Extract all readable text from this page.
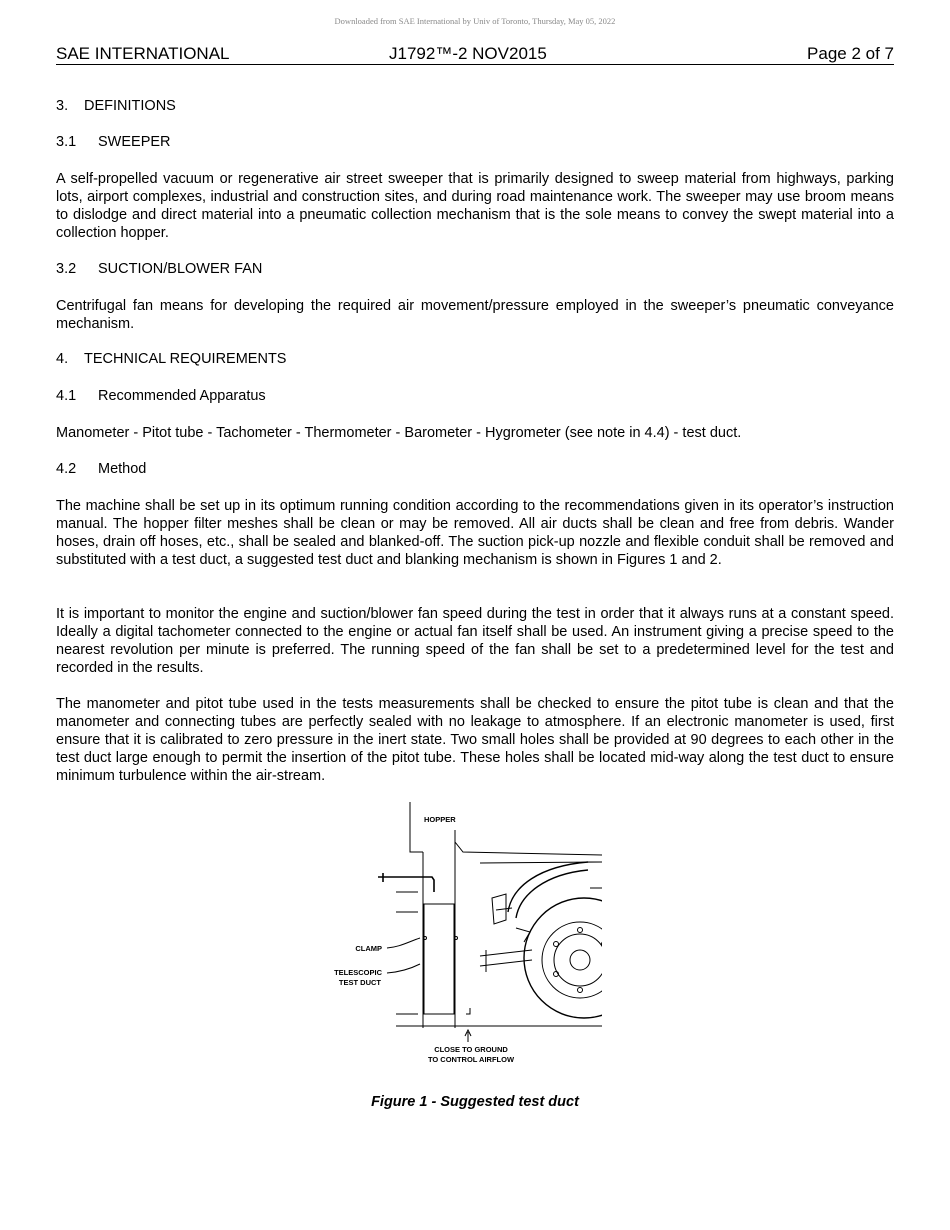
Downloaded from SAE International by Univ of Toronto, Thursday, May 05, 2022
SAE INTERNATIONAL	J1792™-2 NOV2015	Page 2 of 7
3. DEFINITIONS
3.1 SWEEPER

A self-propelled vacuum or regenerative air street sweeper that is primarily designed to sweep material from highways, parking lots, airport complexes, industrial and construction sites, and during road maintenance work. The sweeper may use broom means to dislodge and direct material into a pneumatic collection mechanism that is the sole means to convey the swept material into a collection hopper.

3.2 SUCTION/BLOWER FAN

Centrifugal fan means for developing the required air movement/pressure employed in the sweeper’s pneumatic conveyance mechanism.

4. TECHNICAL REQUIREMENTS
4.1 Recommended Apparatus

Manometer - Pitot tube - Tachometer - Thermometer - Barometer - Hygrometer (see note in 4.4) - test duct.

4.2 Method

The machine shall be set up in its optimum running condition according to the recommendations given in its operator’s instruction manual. The hopper filter meshes shall be clean or may be removed. All air ducts shall be clean and free from debris. Wander hoses, drain off hoses, etc., shall be sealed and blanked-off. The suction pick-up nozzle and flexible conduit shall be removed and substituted with a test duct, a suggested test duct and blanking mechanism is shown in Figures 1 and 2.

It is important to monitor the engine and suction/blower fan speed during the test in order that it always runs at a constant speed. Ideally a digital tachometer connected to the engine or actual fan itself shall be used. An instrument giving a precise speed to the nearest revolution per minute is preferred. The running speed of the fan shall be set to a predetermined level for the test and recorded in the results.

The manometer and pitot tube used in the tests measurements shall be checked to ensure the pitot tube is clean and that the manometer and connecting tubes are perfectly sealed with no leakage to atmosphere. If an electronic manometer is used, first ensure that it is calibrated to zero pressure in the inert state. Two small holes shall be provided at 90 degrees to each other in the test duct large enough to permit the insertion of the pitot tube. These holes shall be located mid-way along the test duct to ensure minimum turbulence within the air-stream.

HOPPER
CLAMP
TELESCOPIC
TEST DUCT
CLOSE TO GROUND
TO CONTROL AIRFLOW
Figure 1 - Suggested test duct
